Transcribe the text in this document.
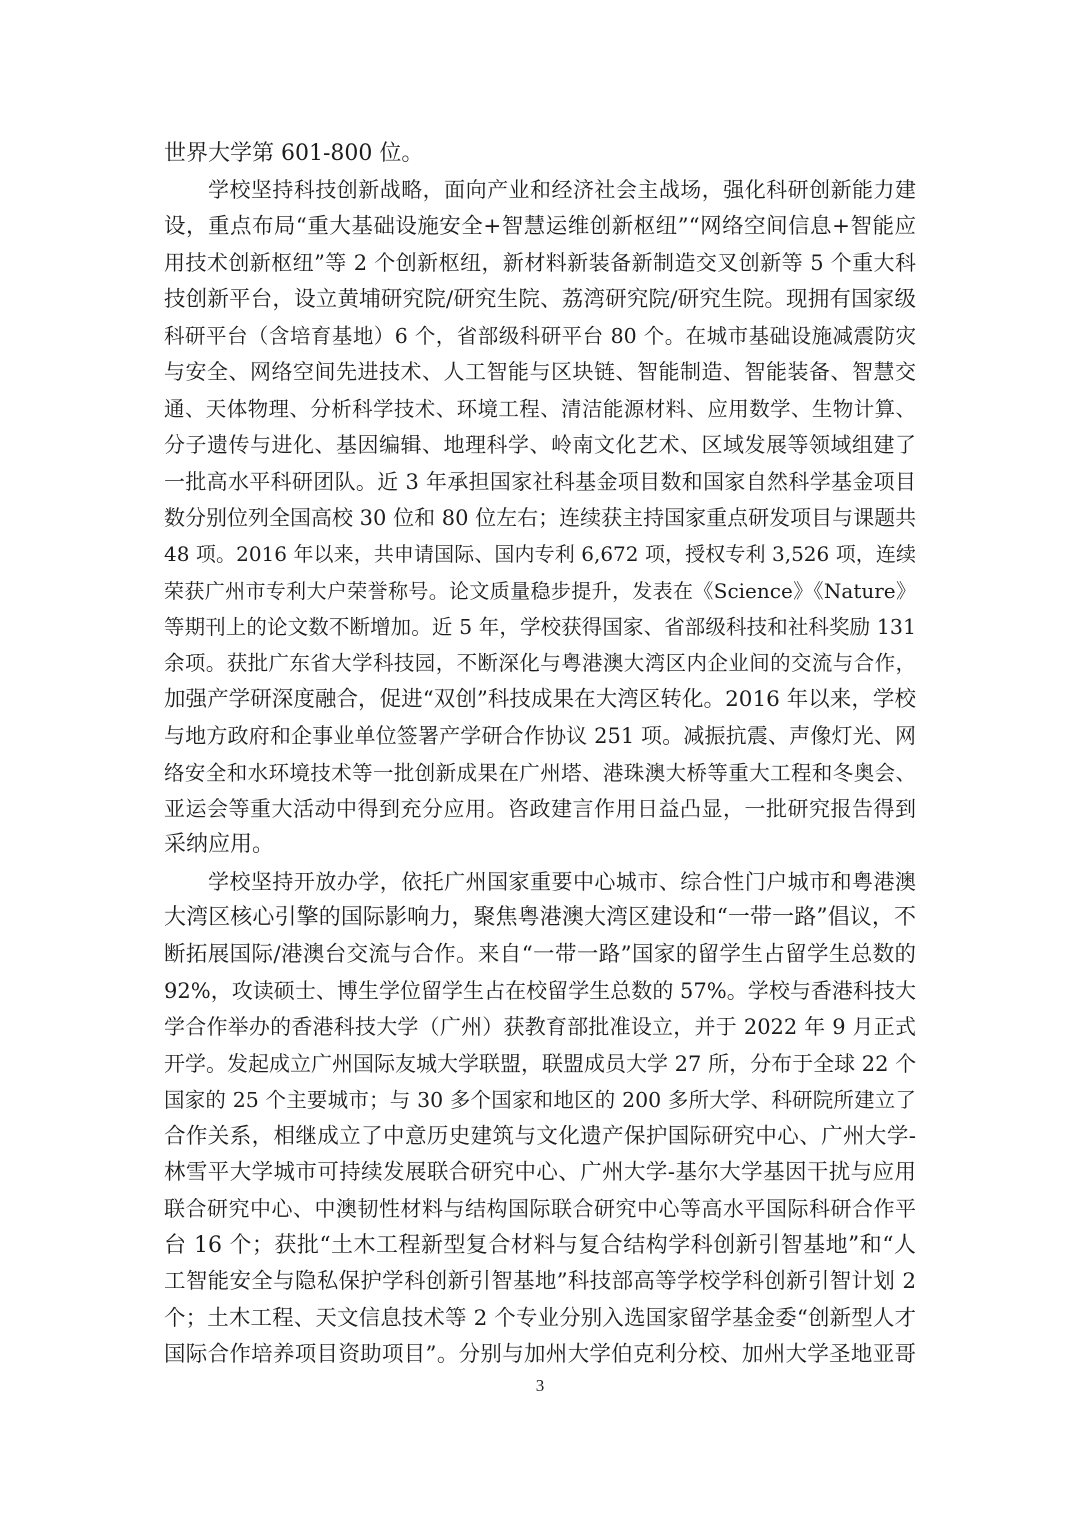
世界大学第 601-800 位。
学校坚持科技创新战略，面向产业和经济社会主战场，强化科研创新能力建
设，重点布局“重大基础设施安全+智慧运维创新枢纽”“网络空间信息+智能应
用技术创新枢纽”等 2 个创新枢纽，新材料新装备新制造交叉创新等 5 个重大科
技创新平台，设立黄埔研究院/研究生院、荔湾研究院/研究生院。现拥有国家级
科研平台（含培育基地）6 个，省部级科研平台 80 个。在城市基础设施减震防灾
与安全、网络空间先进技术、人工智能与区块链、智能制造、智能装备、智慧交
通、天体物理、分析科学技术、环境工程、清洁能源材料、应用数学、生物计算、
分子遗传与进化、基因编辑、地理科学、岭南文化艺术、区域发展等领域组建了
一批高水平科研团队。近 3 年承担国家社科基金项目数和国家自然科学基金项目
数分别位列全国高校 30 位和 80 位左右；连续获主持国家重点研发项目与课题共
48 项。2016 年以来，共申请国际、国内专利 6,672 项，授权专利 3,526 项，连续
荣获广州市专利大户荣誉称号。论文质量稳步提升，发表在《Science》《Nature》
等期刊上的论文数不断增加。近 5 年，学校获得国家、省部级科技和社科奖励 131
余项。获批广东省大学科技园，不断深化与粤港澳大湾区内企业间的交流与合作，
加强产学研深度融合，促进“双创”科技成果在大湾区转化。2016 年以来，学校
与地方政府和企事业单位签署产学研合作协议 251 项。减振抗震、声像灯光、网
络安全和水环境技术等一批创新成果在广州塔、港珠澳大桥等重大工程和冬奥会、
亚运会等重大活动中得到充分应用。咨政建言作用日益凸显，一批研究报告得到
采纳应用。
学校坚持开放办学，依托广州国家重要中心城市、综合性门户城市和粤港澳
大湾区核心引擎的国际影响力，聚焦粤港澳大湾区建设和“一带一路”倡议，不
断拓展国际/港澳台交流与合作。来自“一带一路”国家的留学生占留学生总数的
92%，攻读硕士、博生学位留学生占在校留学生总数的 57%。学校与香港科技大
学合作举办的香港科技大学（广州）获教育部批准设立，并于 2022 年 9 月正式
开学。发起成立广州国际友城大学联盟，联盟成员大学 27 所，分布于全球 22 个
国家的 25 个主要城市；与 30 多个国家和地区的 200 多所大学、科研院所建立了
合作关系，相继成立了中意历史建筑与文化遗产保护国际研究中心、广州大学-
林雪平大学城市可持续发展联合研究中心、广州大学-基尔大学基因干扰与应用
联合研究中心、中澳韧性材料与结构国际联合研究中心等高水平国际科研合作平
台 16 个；获批“土木工程新型复合材料与复合结构学科创新引智基地”和“人
工智能安全与隐私保护学科创新引智基地”科技部高等学校学科创新引智计划 2
个；土木工程、天文信息技术等 2 个专业分别入选国家留学基金委“创新型人才
国际合作培养项目资助项目”。分别与加州大学伯克利分校、加州大学圣地亚哥
3
